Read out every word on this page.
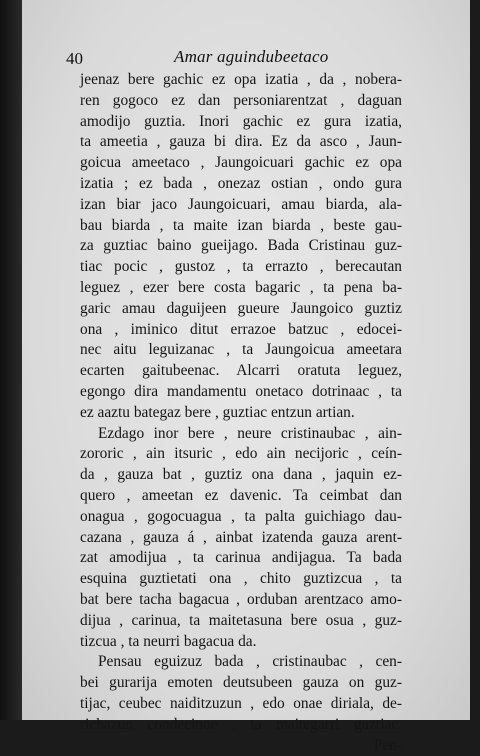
40	Amar aguindubeetaco
jeenaz bere gachic ez opa izatia , da , nobera-
ren gogoco ez dan personiarentzat , daguan
amodijo guztia. Inori gachic ez gura izatia,
ta ameetia , gauza bi dira. Ez da asco , Jaun-
goicua ameetaco , Jaungoicuari gachic ez opa
izatia ; ez bada , onezaz ostian , ondo gura
izan biar jaco Jaungoicuari, amau biarda, ala-
bau biarda , ta maite izan biarda , beste gau-
za guztiac baino gueijago. Bada Cristinau guz-
tiac pocic , gustoz , ta errazto , berecautan
leguez , ezer bere costa bagaric , ta pena ba-
garic amau daguijeen gueure Jaungoico guztiz
ona , iminico ditut errazoe batzuc , edocei-
nec aitu leguizanac , ta Jaungoicua ameetara
ecarten gaitubeenac. Alcarri oratuta leguez,
egongo dira mandamentu onetaco dotrinaac , ta
ez aaztu bategaz bere , guztiac entzun artian.
Ezdago inor bere , neure cristinaubac , ain-
zororic , ain itsuric , edo ain necijoric , ceín-
da , gauza bat , guztiz ona dana , jaquin ez-
quero , ameetan ez davenic. Ta ceimbat dan
onagua , gogocuagua , ta palta guichiago dau-
cazana , gauza á , ainbat izatenda gauza arent-
zat amodijua , ta carinua andijagua. Ta bada
esquina guztietati ona , chito guztizcua , ta
bat bere tacha bagacua , orduban arentzaco amo-
dijua , carinua, ta maitetasuna bere osua , guz-
tizcua , ta neurri bagacua da.
Pensau eguizuz bada , cristinaubac , cen-
bei gurarija emoten deutsubeen gauza on guz-
tijac, ceubec naiditzuzun , edo onae diriala, de-
richazun condecinoe , ta maitegarri guztiac.
Pen-
